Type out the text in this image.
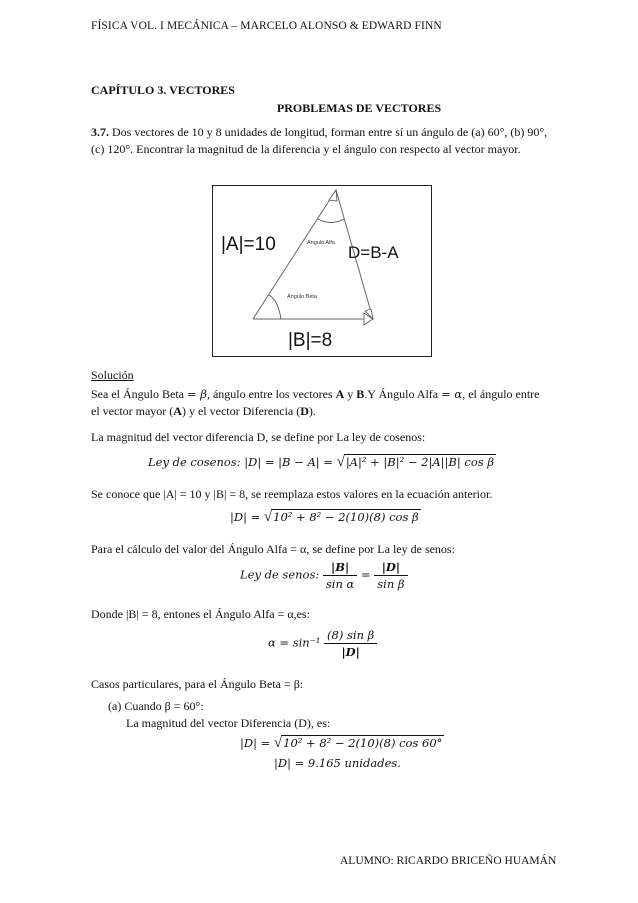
FÍSICA VOL. I MECÁNICA – MARCELO ALONSO & EDWARD FINN
CAPÍTULO 3. VECTORES
PROBLEMAS DE VECTORES
3.7. Dos vectores de 10 y 8 unidades de longitud, forman entre sí un ángulo de (a) 60°, (b) 90°, (c) 120°. Encontrar la magnitud de la diferencia y el ángulo con respecto al vector mayor.
|A|=10	D=B-A
|B|=8
Ángulo Alfa
Ángulo Beta
Solución
Sea el Ángulo Beta = β, ángulo entre los vectores A y B.Y Ángulo Alfa = α, el ángulo entre el vector mayor (A) y el vector Diferencia (D).
La magnitud del vector diferencia D, se define por La ley de cosenos:
Ley de cosenos: |D| = |B − A| = √|A|² + |B|² − 2|A||B| cos β
Se conoce que |A| = 10 y |B| = 8, se reemplaza estos valores en la ecuación anterior.
|D| = √10² + 8² − 2(10)(8) cos β
Para el cálculo del valor del Ángulo Alfa = α, se define por La ley de senos:
Ley de senos: $\frac{|B|}{\text{sin α}} = \frac{|D|}{\text{sin β}}$
Donde |B| = 8, entones el Ángulo Alfa = α,es:
$\alpha = \sin^{-1} \frac{\text{(8) sin β}}{|D|}$
Casos particulares, para el Ángulo Beta = β:
(a) Cuando β = 60°:
La magnitud del vector Diferencia (D), es:
|D| = √10² + 8² − 2(10)(8) cos 60°
|D| = 9.165 unidades.
ALUMNO: RICARDO BRICEÑO HUAMÁN
